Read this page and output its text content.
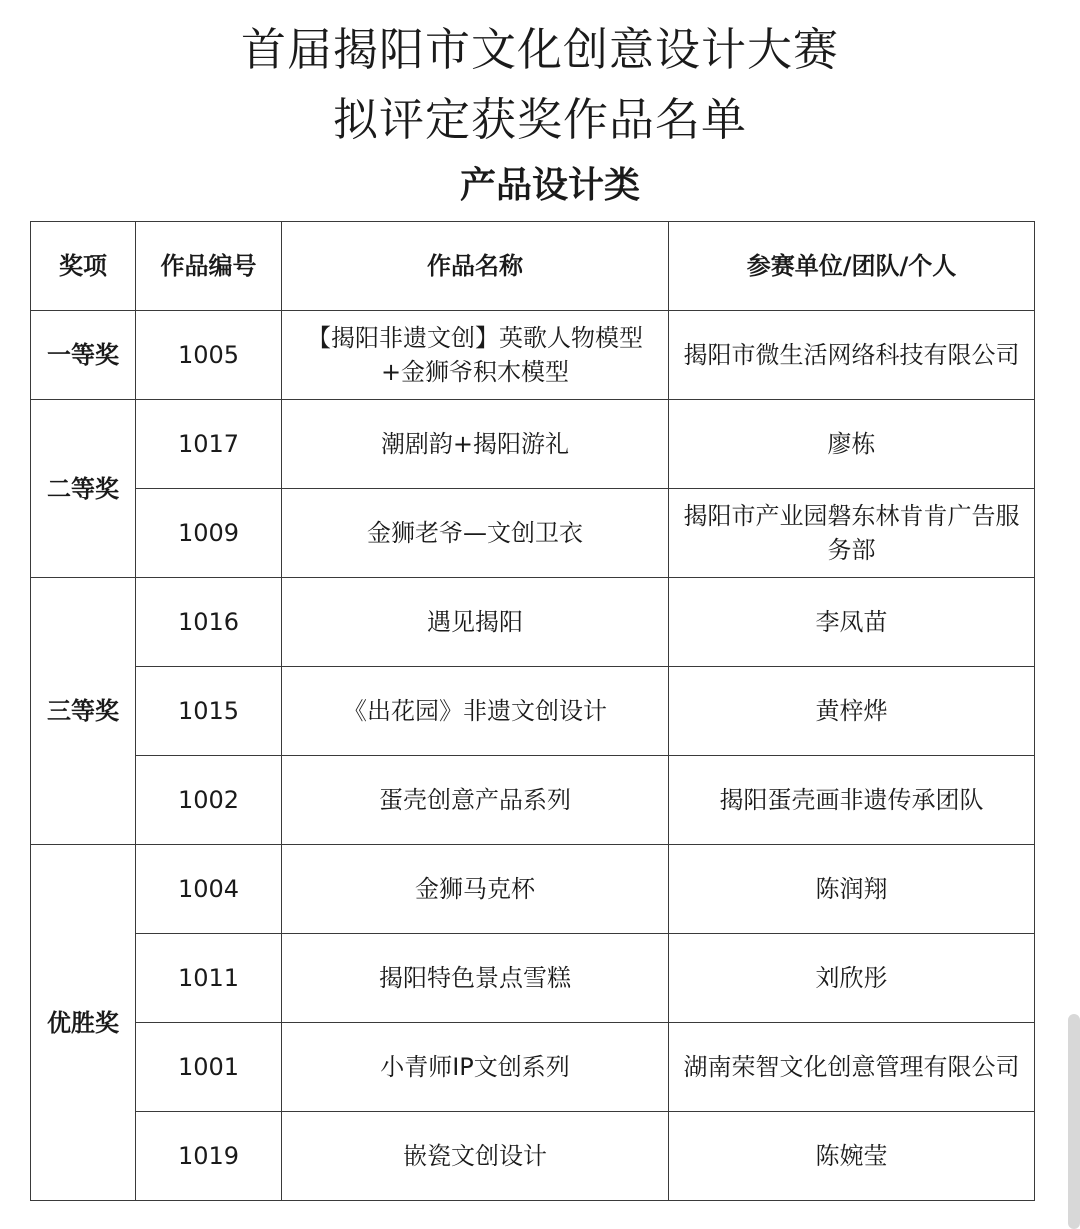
首届揭阳市文化创意设计大赛
拟评定获奖作品名单
产品设计类
奖项	作品编号	作品名称	参赛单位/团队/个人
一等奖	1005	【揭阳非遗文创】英歌人物模型+金狮爷积木模型	揭阳市微生活网络科技有限公司
二等奖	1017	潮剧韵+揭阳游礼	廖栋
	1009	金狮老爷—文创卫衣	揭阳市产业园磐东林肯肯广告服务部
三等奖	1016	遇见揭阳	李凤苗
	1015	《出花园》非遗文创设计	黄梓烨
	1002	蛋壳创意产品系列	揭阳蛋壳画非遗传承团队
优胜奖	1004	金狮马克杯	陈润翔
	1011	揭阳特色景点雪糕	刘欣彤
	1001	小青师IP文创系列	湖南荣智文化创意管理有限公司
	1019	嵌瓷文创设计	陈婉莹
